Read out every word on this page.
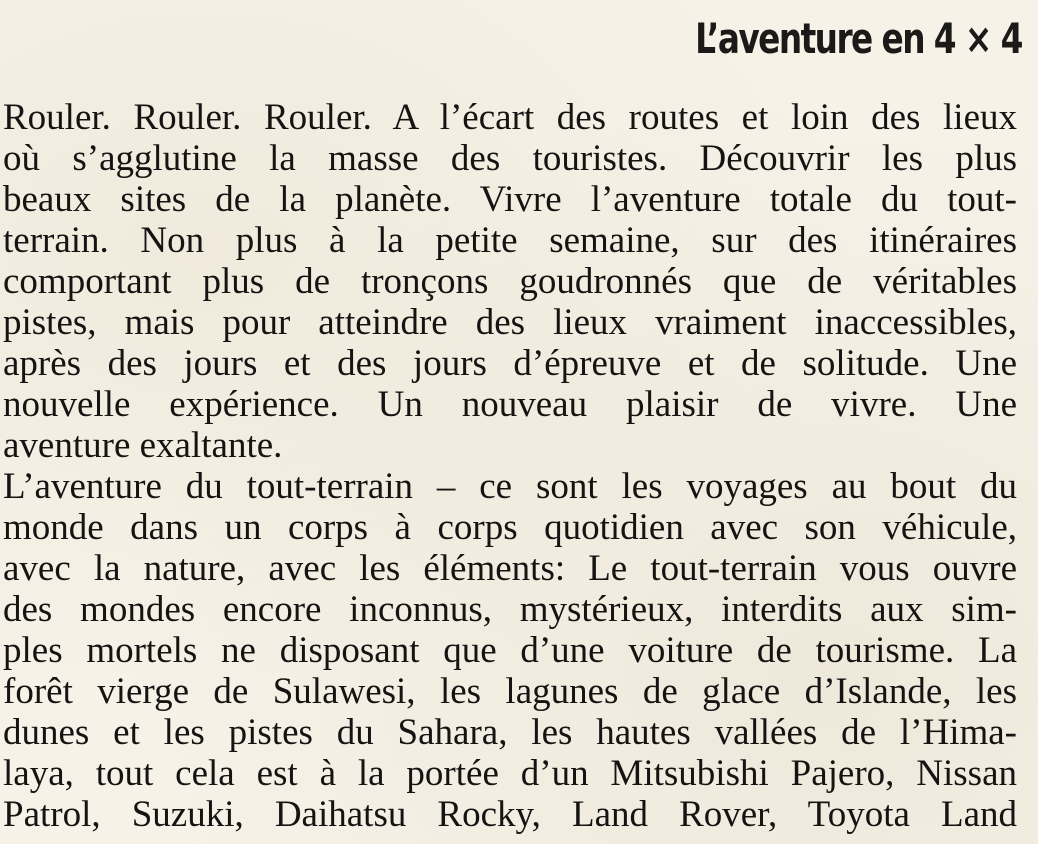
L’aventure en 4 × 4
Rouler. Rouler. Rouler. A l’écart des routes et loin des lieux
où s’agglutine la masse des touristes. Découvrir les plus
beaux sites de la planète. Vivre l’aventure totale du tout-
terrain. Non plus à la petite semaine, sur des itinéraires
comportant plus de tronçons goudronnés que de véritables
pistes, mais pour atteindre des lieux vraiment inaccessibles,
après des jours et des jours d’épreuve et de solitude. Une
nouvelle expérience. Un nouveau plaisir de vivre. Une
aventure exaltante.
L’aventure du tout-terrain – ce sont les voyages au bout du
monde dans un corps à corps quotidien avec son véhicule,
avec la nature, avec les éléments: Le tout-terrain vous ouvre
des mondes encore inconnus, mystérieux, interdits aux sim-
ples mortels ne disposant que d’une voiture de tourisme. La
forêt vierge de Sulawesi, les lagunes de glace d’Islande, les
dunes et les pistes du Sahara, les hautes vallées de l’Hima-
laya, tout cela est à la portée d’un Mitsubishi Pajero, Nissan
Patrol, Suzuki, Daihatsu Rocky, Land Rover, Toyota Land
